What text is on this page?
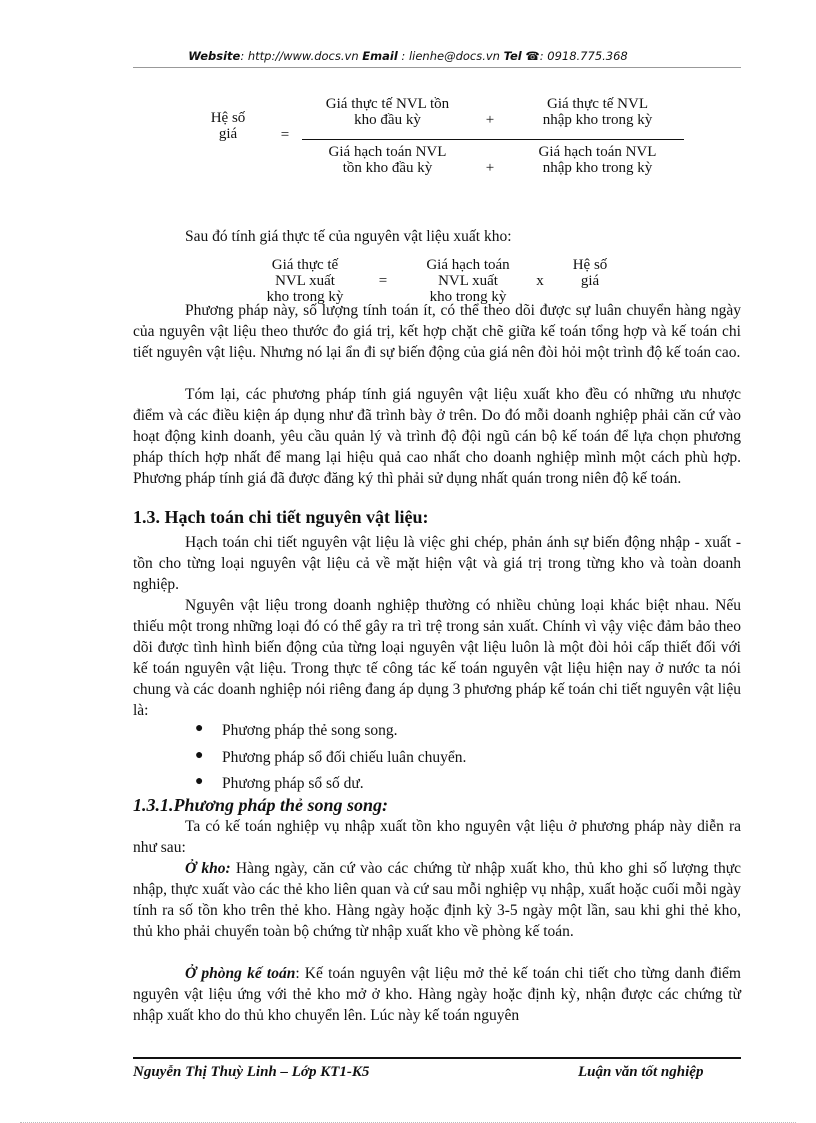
Website: http://www.docs.vn Email : lienhe@docs.vn Tel ☎: 0918.775.368
Hệ số
giá	=
Giá thực tế NVL tồn
kho đầu kỳ	+
Giá thực tế NVL
nhập kho trong kỳ
Giá hạch toán NVL
tồn kho đầu kỳ	+
Giá hạch toán NVL
nhập kho trong kỳ
Sau đó tính giá thực tế của nguyên vật liệu xuất kho:
Giá thực tế
NVL xuất
kho trong kỳ
=
Giá hạch toán
NVL xuất
kho trong kỳ
x
Hệ số
giá
Phương pháp này, số lượng tính toán ít, có thể theo dõi được sự luân chuyển hàng ngày của nguyên vật liệu theo thước đo giá trị, kết hợp chặt chẽ giữa kế toán tổng hợp và kế toán chi tiết nguyên vật liệu. Nhưng nó lại ẩn đi sự biến động của giá nên đòi hỏi một trình độ kế toán cao.
Tóm lại, các phương pháp tính giá nguyên vật liệu xuất kho đều có những ưu nhược điểm và các điều kiện áp dụng như đã trình bày ở trên. Do đó mỗi doanh nghiệp phải căn cứ vào hoạt động kinh doanh, yêu cầu quản lý và trình độ đội ngũ cán bộ kế toán để lựa chọn phương pháp thích hợp nhất để mang lại hiệu quả cao nhất cho doanh nghiệp mình một cách phù hợp. Phương pháp tính giá đã được đăng ký thì phải sử dụng nhất quán trong niên độ kế toán.
1.3. Hạch toán chi tiết nguyên vật liệu:
Hạch toán chi tiết nguyên vật liệu là việc ghi chép, phản ánh sự biến động nhập - xuất - tồn cho từng loại nguyên vật liệu cả về mặt hiện vật và giá trị trong từng kho và toàn doanh nghiệp.
Nguyên vật liệu trong doanh nghiệp thường có nhiều chủng loại khác biệt nhau. Nếu thiếu một trong những loại đó có thể gây ra trì trệ trong sản xuất. Chính vì vậy việc đảm bảo theo dõi được tình hình biến động của từng loại nguyên vật liệu luôn là một đòi hỏi cấp thiết đối với kế toán nguyên vật liệu. Trong thực tế công tác kế toán nguyên vật liệu hiện nay ở nước ta nói chung và các doanh nghiệp nói riêng đang áp dụng 3 phương pháp kế toán chi tiết nguyên vật liệu là:
● Phương pháp thẻ song song.
● Phương pháp sổ đối chiếu luân chuyển.
● Phương pháp sổ số dư.
1.3.1.Phương pháp thẻ song song:
Ta có kế toán nghiệp vụ nhập xuất tồn kho nguyên vật liệu ở phương pháp này diễn ra như sau:
Ở kho: Hàng ngày, căn cứ vào các chứng từ nhập xuất kho, thủ kho ghi số lượng thực nhập, thực xuất vào các thẻ kho liên quan và cứ sau mỗi nghiệp vụ nhập, xuất hoặc cuối mỗi ngày tính ra số tồn kho trên thẻ kho. Hàng ngày hoặc định kỳ 3-5 ngày một lần, sau khi ghi thẻ kho, thủ kho phải chuyển toàn bộ chứng từ nhập xuất kho về phòng kế toán.
Ở phòng kế toán: Kế toán nguyên vật liệu mở thẻ kế toán chi tiết cho từng danh điểm nguyên vật liệu ứng với thẻ kho mở ở kho. Hàng ngày hoặc định kỳ, nhận được các chứng từ nhập xuất kho do thủ kho chuyển lên. Lúc này kế toán nguyên
Nguyễn Thị Thuỳ Linh – Lớp KT1-K5	Luận văn tốt nghiệp
